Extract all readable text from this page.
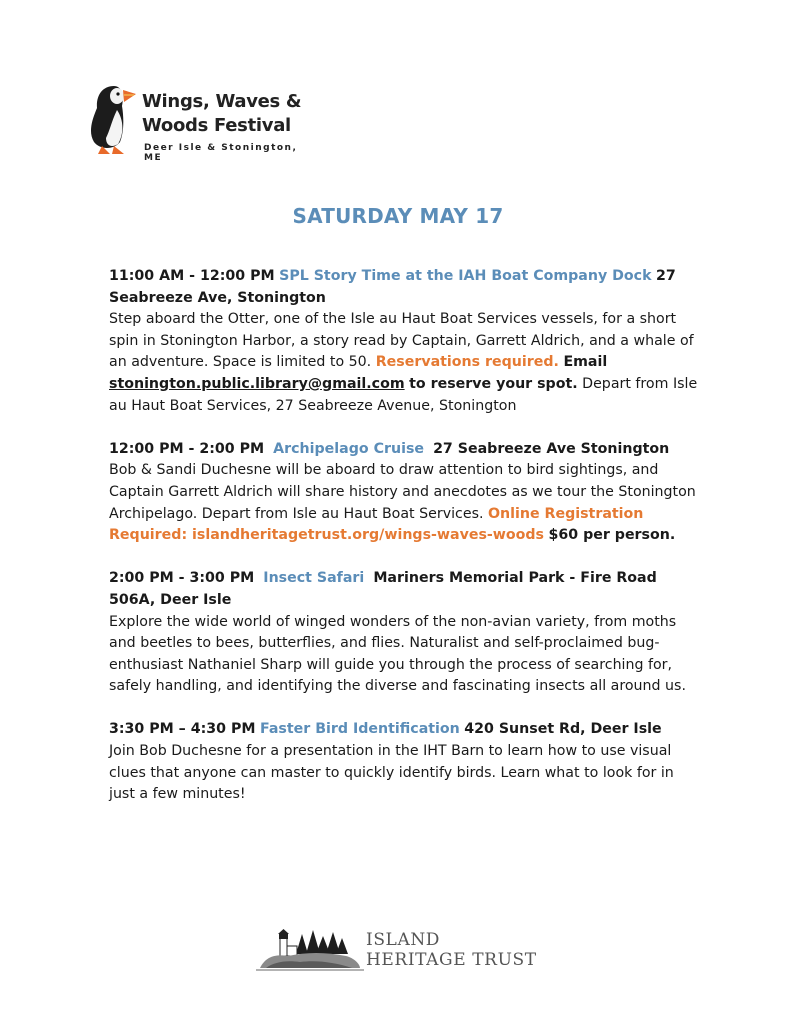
Wings, Waves &
Woods Festival
Deer Isle & Stonington, ME
SATURDAY MAY 17
11:00 AM - 12:00 PM SPL Story Time at the IAH Boat Company Dock 27 Seabreeze Ave, Stonington
Step aboard the Otter, one of the Isle au Haut Boat Services vessels, for a short spin in Stonington Harbor, a story read by Captain, Garrett Aldrich, and a whale of an adventure. Space is limited to 50. Reservations required. Email stonington.public.library@gmail.com to reserve your spot. Depart from Isle au Haut Boat Services, 27 Seabreeze Avenue, Stonington
12:00 PM - 2:00 PM Archipelago Cruise 27 Seabreeze Ave Stonington
Bob & Sandi Duchesne will be aboard to draw attention to bird sightings, and Captain Garrett Aldrich will share history and anecdotes as we tour the Stonington Archipelago. Depart from Isle au Haut Boat Services. Online Registration Required: islandheritagetrust.org/wings-waves-woods $60 per person.
2:00 PM - 3:00 PM Insect Safari Mariners Memorial Park - Fire Road 506A, Deer Isle
Explore the wide world of winged wonders of the non-avian variety, from moths and beetles to bees, butterflies, and flies. Naturalist and self-proclaimed bug-enthusiast Nathaniel Sharp will guide you through the process of searching for, safely handling, and identifying the diverse and fascinating insects all around us.
3:30 PM – 4:30 PM Faster Bird Identification 420 Sunset Rd, Deer Isle
Join Bob Duchesne for a presentation in the IHT Barn to learn how to use visual clues that anyone can master to quickly identify birds. Learn what to look for in just a few minutes!
ISLAND
HERITAGE TRUST
